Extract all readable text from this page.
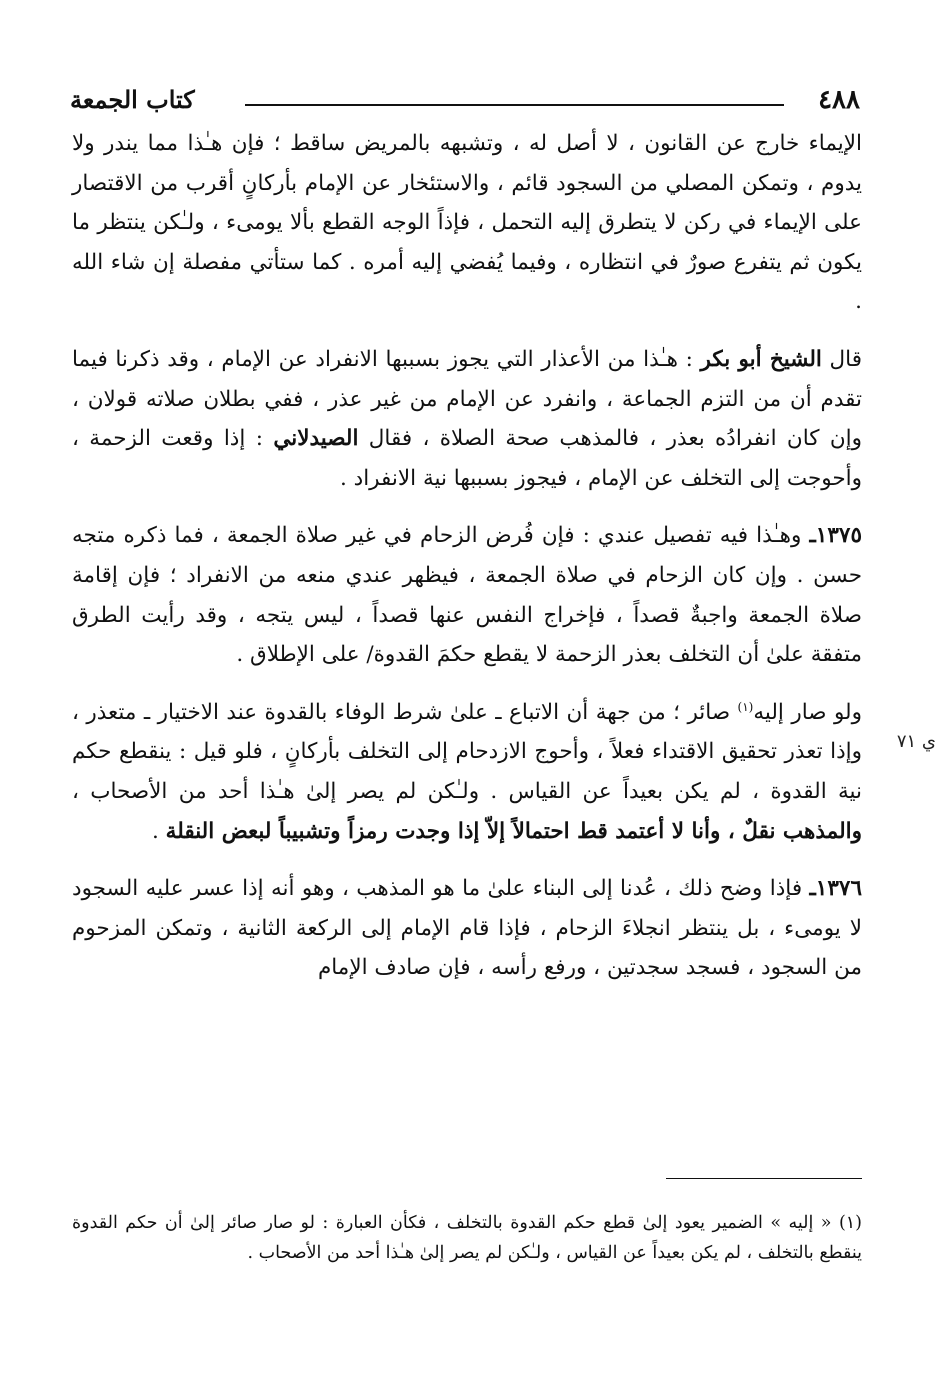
٤٨٨
كتاب الجمعة
ي ٧١

الإيماء خارج عن القانون ، لا أصل له ، وتشبهه بالمريض ساقط ؛ فإن هـٰذا مما يندر ولا يدوم ، وتمكن المصلي من السجود قائم ، والاستئخار عن الإمام بأركانٍ أقرب من الاقتصار على الإيماء في ركن لا يتطرق إليه التحمل ، فإذاً الوجه القطع بألا يومىء ، ولـٰكن ينتظر ما يكون ثم يتفرع صورٌ في انتظاره ، وفيما يُفضي إليه أمره . كما ستأتي مفصلة إن شاء الله .

قال الشيخ أبو بكر : هـٰذا من الأعذار التي يجوز بسببها الانفراد عن الإمام ، وقد ذكرنا فيما تقدم أن من التزم الجماعة ، وانفرد عن الإمام من غير عذر ، ففي بطلان صلاته قولان ، وإن كان انفرادُه بعذر ، فالمذهب صحة الصلاة ، فقال الصيدلاني : إذا وقعت الزحمة ، وأحوجت إلى التخلف عن الإمام ، فيجوز بسببها نية الانفراد .

١٣٧٥ـ وهـٰذا فيه تفصيل عندي : فإن فُرض الزحام في غير صلاة الجمعة ، فما ذكره متجه حسن . وإن كان الزحام في صلاة الجمعة ، فيظهر عندي منعه من الانفراد ؛ فإن إقامة صلاة الجمعة واجبةٌ قصداً ، فإخراج النفس عنها قصداً ، ليس يتجه ، وقد رأيت الطرق متفقة علىٰ أن التخلف بعذر الزحمة لا يقطع حكمَ القدوة/ على الإطلاق .

ولو صار إليه$^{(١)}$ صائر ؛ من جهة أن الاتباع ـ علىٰ شرط الوفاء بالقدوة عند الاختيار ـ متعذر ، وإذا تعذر تحقيق الاقتداء فعلاً ، وأحوج الازدحام إلى التخلف بأركانٍ ، فلو قيل : ينقطع حكم نية القدوة ، لم يكن بعيداً عن القياس . ولـٰكن لم يصر إلىٰ هـٰذا أحد من الأصحاب ، والمذهب نقلٌ ، وأنا لا أعتمد قط احتمالاً إلاّ إذا وجدت رمزاً وتشبيباً لبعض النقلة .

١٣٧٦ـ فإذا وضح ذلك ، عُدنا إلى البناء علىٰ ما هو المذهب ، وهو أنه إذا عسر عليه السجود لا يومىء ، بل ينتظر انجلاءَ الزحام ، فإذا قام الإمام إلى الركعة الثانية ، وتمكن المزحوم من السجود ، فسجد سجدتين ، ورفع رأسه ، فإن صادف الإمام

(١) « إليه » الضمير يعود إلىٰ قطع حكم القدوة بالتخلف ، فكأن العبارة : لو صار صائر إلىٰ أن حكم القدوة ينقطع بالتخلف ، لم يكن بعيداً عن القياس ، ولـٰكن لم يصر إلىٰ هـٰذا أحد من الأصحاب .
